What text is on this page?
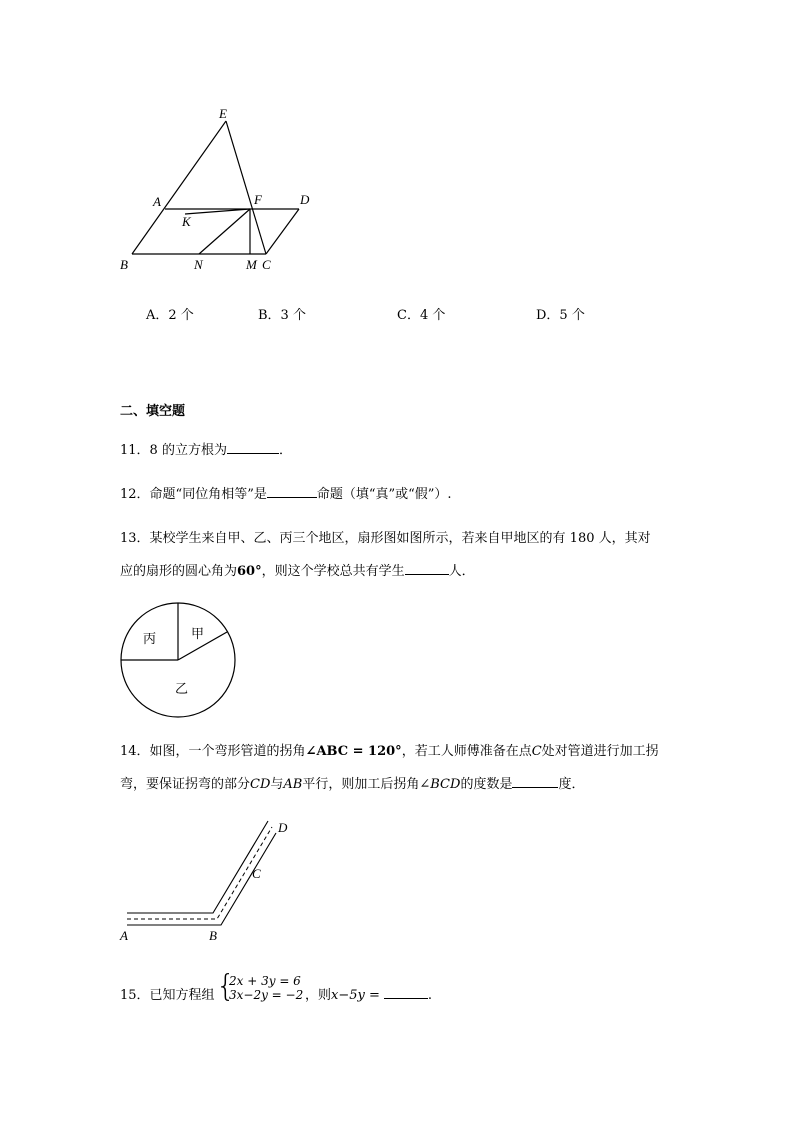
E
A	F	D
K
B	N	M C
A．2 个	B．3 个	C．4 个	D．5 个
二、填空题
11．8 的立方根为	．
12．命题“同位角相等”是	命题（填“真”或“假”）.
13．某校学生来自甲、乙、丙三个地区，扇形图如图所示，若来自甲地区的有 180 人，其对
应的扇形的圆心角为60°，则这个学校总共有学生	人．
丙	甲
乙
14．如图，一个弯形管道的拐角∠ABC = 120°，若工人师傅准备在点C处对管道进行加工拐
弯，要保证拐弯的部分CD与AB平行，则加工后拐角∠BCD的度数是	度．
A	B
C
D
15．已知方程组 {
2x + 3y = 6
3x−2y = −2 ，则x−5y =	.
